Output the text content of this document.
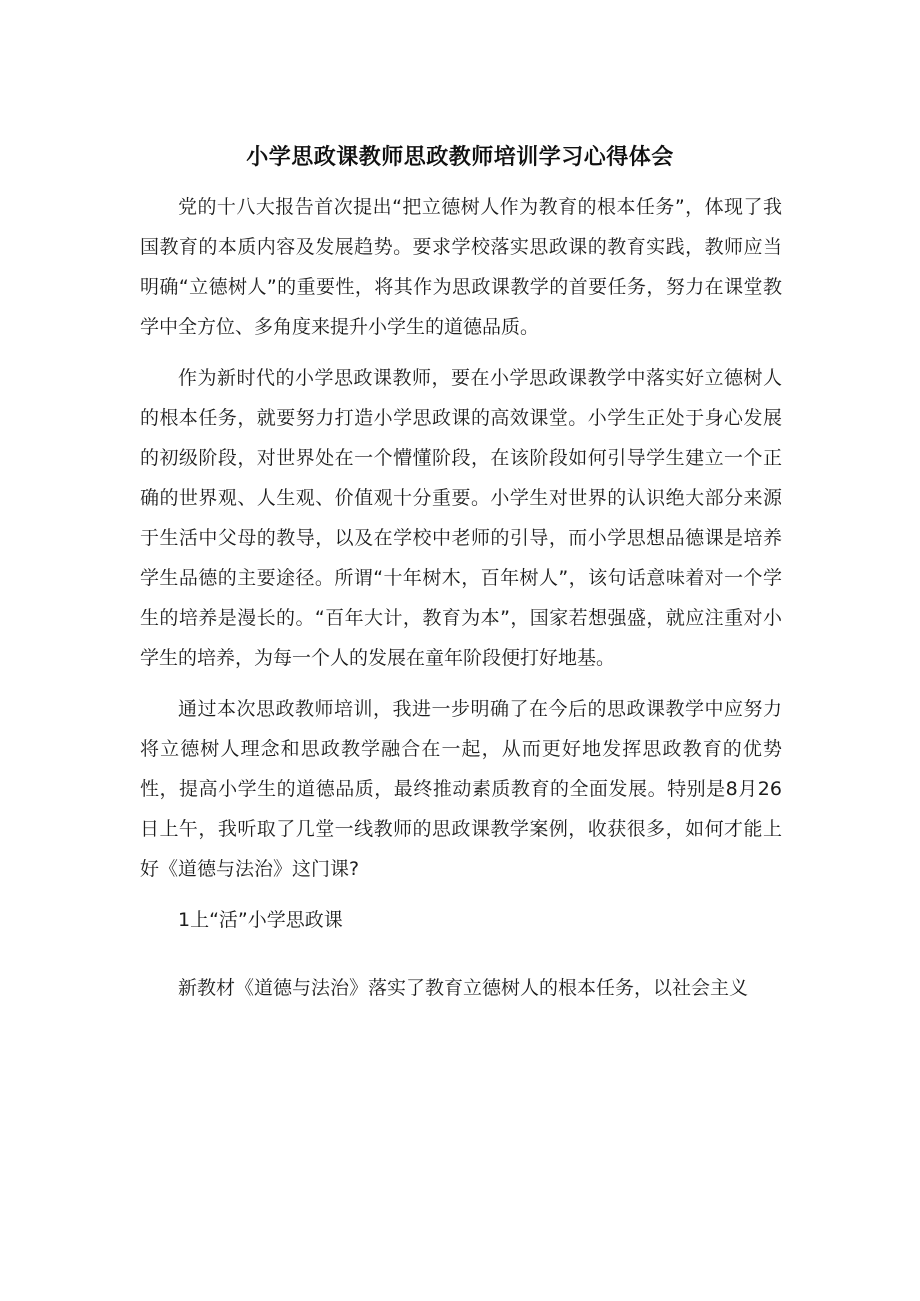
小学思政课教师思政教师培训学习心得体会

党的十八大报告首次提出“把立德树人作为教育的根本任务”，体现了我国教育的本质内容及发展趋势。要求学校落实思政课的教育实践，教师应当明确“立德树人”的重要性，将其作为思政课教学的首要任务，努力在课堂教学中全方位、多角度来提升小学生的道德品质。

作为新时代的小学思政课教师，要在小学思政课教学中落实好立德树人的根本任务，就要努力打造小学思政课的高效课堂。小学生正处于身心发展的初级阶段，对世界处在一个懵懂阶段，在该阶段如何引导学生建立一个正确的世界观、人生观、价值观十分重要。小学生对世界的认识绝大部分来源于生活中父母的教导，以及在学校中老师的引导，而小学思想品德课是培养学生品德的主要途径。所谓“十年树木，百年树人”，该句话意味着对一个学生的培养是漫长的。“百年大计，教育为本”，国家若想强盛，就应注重对小学生的培养，为每一个人的发展在童年阶段便打好地基。

通过本次思政教师培训，我进一步明确了在今后的思政课教学中应努力将立德树人理念和思政教学融合在一起，从而更好地发挥思政教育的优势性，提高小学生的道德品质，最终推动素质教育的全面发展。特别是8月26日上午，我听取了几堂一线教师的思政课教学案例，收获很多，如何才能上好《道德与法治》这门课?

1上“活”小学思政课

新教材《道德与法治》落实了教育立德树人的根本任务，以社会主义
